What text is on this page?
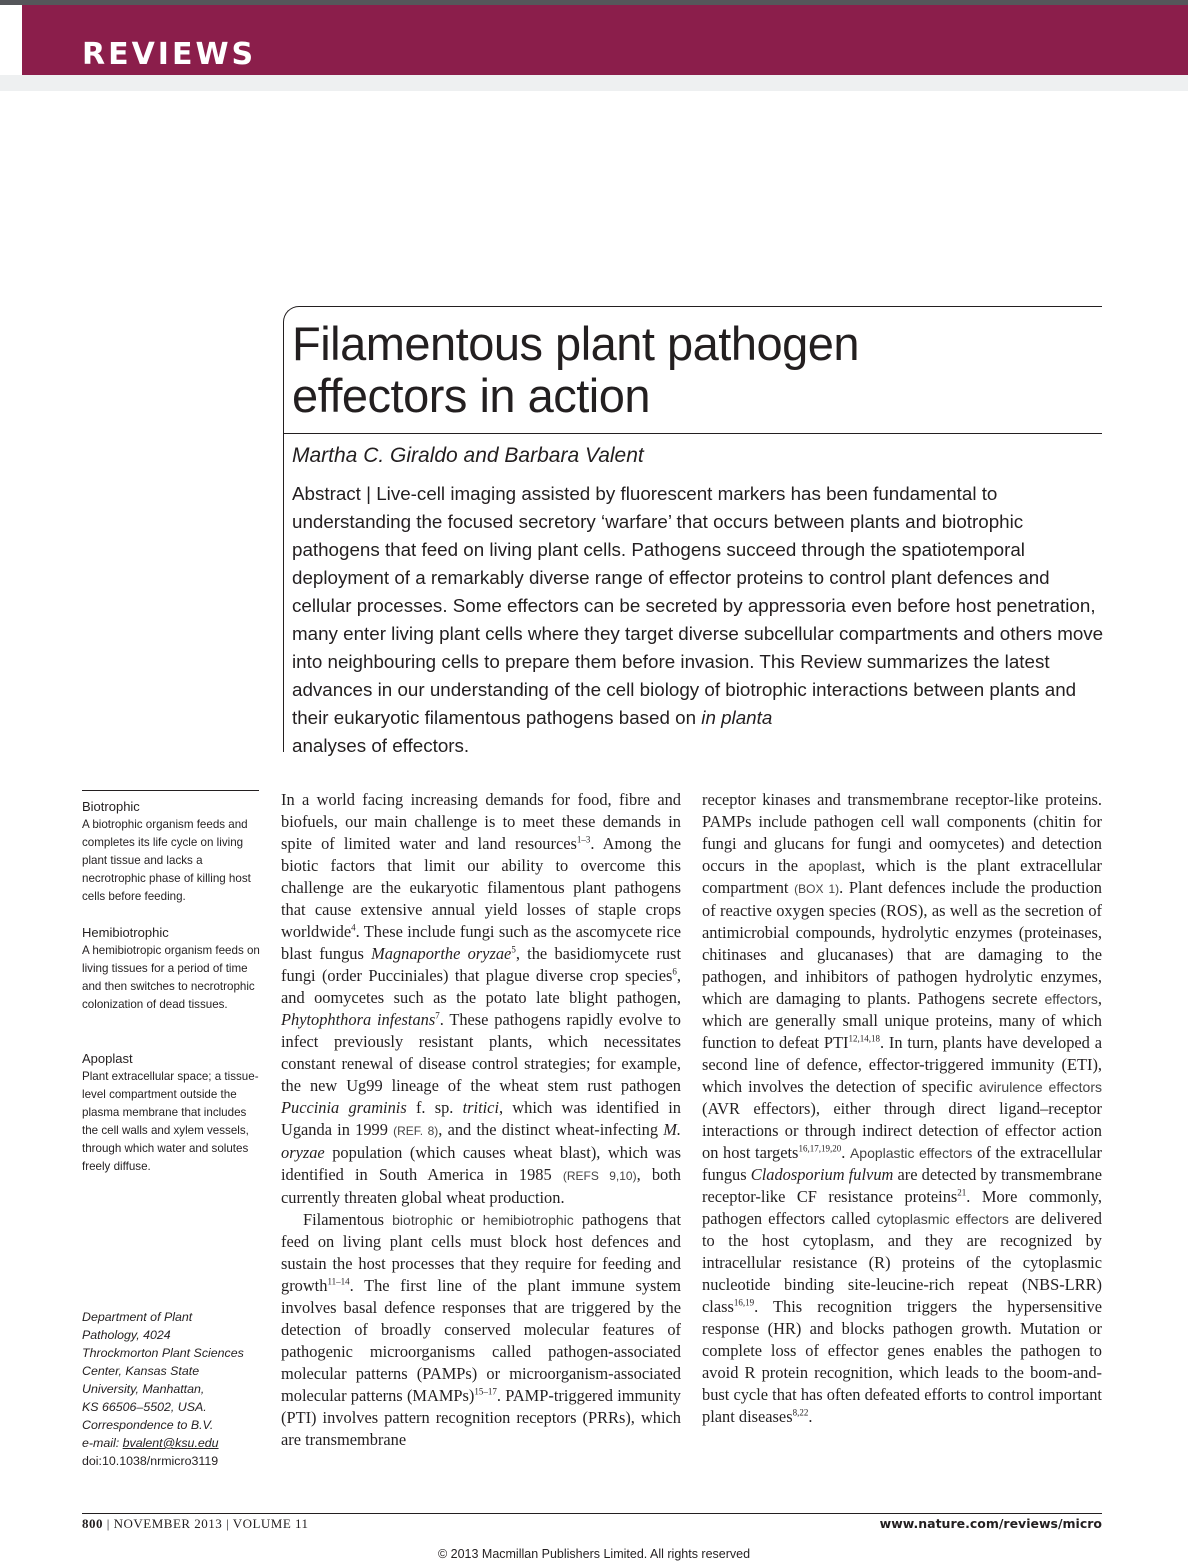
REVIEWS
Filamentous plant pathogen
effectors in action
Martha C. Giraldo and Barbara Valent
Abstract | Live-cell imaging assisted by fluorescent markers has been fundamental to understanding the focused secretory ‘warfare’ that occurs between plants and biotrophic pathogens that feed on living plant cells. Pathogens succeed through the spatiotemporal deployment of a remarkably diverse range of effector proteins to control plant defences and cellular processes. Some effectors can be secreted by appressoria even before host penetration, many enter living plant cells where they target diverse subcellular compartments and others move into neighbouring cells to prepare them before invasion. This Review summarizes the latest advances in our understanding of the cell biology of biotrophic interactions between plants and their eukaryotic filamentous pathogens based on in planta
analyses of effectors.
Biotrophic
A biotrophic organism feeds and completes its life cycle on living plant tissue and lacks a necrotrophic phase of killing host cells before feeding.
Hemibiotrophic
A hemibiotropic organism feeds on living tissues for a period of time and then switches to necrotrophic colonization of dead tissues.
Apoplast
Plant extracellular space; a tissue-level compartment outside the plasma membrane that includes the cell walls and xylem vessels, through which water and solutes freely diffuse.
Department of Plant
Pathology, 4024
Throckmorton Plant Sciences
Center, Kansas State
University, Manhattan,
KS 66506–5502, USA.
Correspondence to B.V.
e‑mail: bvalent@ksu.edu
doi:10.1038/nrmicro3119

In a world facing increasing demands for food, fibre and biofuels, our main challenge is to meet these demands in spite of limited water and land resources$^{1-3}$. Among the biotic factors that limit our ability to overcome this challenge are the eukaryotic filamentous plant pathogens that cause extensive annual yield losses of staple crops worldwide$^4$. These include fungi such as the ascomycete rice blast fungus Magnaporthe oryzae$^5$, the basidiomycete rust fungi (order Pucciniales) that plague diverse crop species$^6$, and oomycetes such as the potato late blight pathogen, Phytophthora infestans$^7$. These pathogens rapidly evolve to infect previously resistant plants, which necessitates constant renewal of disease control strategies; for example, the new Ug99 lineage of the wheat stem rust pathogen Puccinia graminis f. sp. tritici, which was identified in Uganda in 1999 (REF. 8), and the distinct wheat-infecting M. oryzae population (which causes wheat blast), which was identified in South America in 1985 (REFS 9,10), both currently threaten global wheat production.

Filamentous biotrophic or hemibiotrophic pathogens that feed on living plant cells must block host defences and sustain the host processes that they require for feeding and growth$^{11-14}$. The first line of the plant immune system involves basal defence responses that are triggered by the detection of broadly conserved molecular features of pathogenic microorganisms called pathogen-associated molecular patterns (PAMPs) or microorganism-associated molecular patterns (MAMPs)$^{15-17}$. PAMP-triggered immunity (PTI) involves pattern recognition receptors (PRRs), which are transmembrane

receptor kinases and transmembrane receptor-like proteins. PAMPs include pathogen cell wall components (chitin for fungi and glucans for fungi and oomycetes) and detection occurs in the apoplast, which is the plant extracellular compartment (BOX 1). Plant defences include the production of reactive oxygen species (ROS), as well as the secretion of antimicrobial compounds, hydrolytic enzymes (proteinases, chitinases and glucanases) that are damaging to the pathogen, and inhibitors of pathogen hydrolytic enzymes, which are damaging to plants. Pathogens secrete effectors, which are generally small unique proteins, many of which function to defeat PTI$^{12,14,18}$. In turn, plants have developed a second line of defence, effector-triggered immunity (ETI), which involves the detection of specific avirulence effectors (AVR effectors), either through direct ligand–receptor interactions or through indirect detection of effector action on host targets$^{16,17,19,20}$. Apoplastic effectors of the extracellular fungus Cladosporium fulvum are detected by transmembrane receptor-like CF resistance proteins$^{21}$. More commonly, pathogen effectors called cytoplasmic effectors are delivered to the host cytoplasm, and they are recognized by intracellular resistance (R) proteins of the cytoplasmic nucleotide binding site-leucine-rich repeat (NBS-LRR) class$^{16,19}$. This recognition triggers the hypersensitive response (HR) and blocks pathogen growth. Mutation or complete loss of effector genes enables the pathogen to avoid R protein recognition, which leads to the boom-and-bust cycle that has often defeated efforts to control important plant diseases$^{8,22}$.

800 | NOVEMBER 2013 | VOLUME 11	www.nature.com/reviews/micro
© 2013 Macmillan Publishers Limited. All rights reserved
